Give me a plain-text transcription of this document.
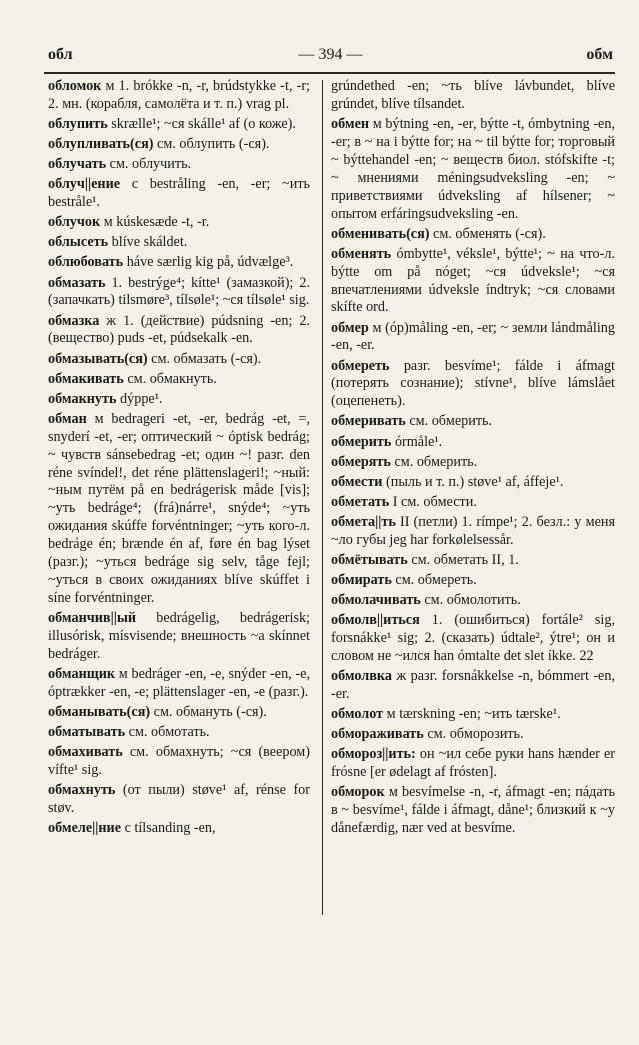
обл	— 394 —	обм

обломок м 1. brókke -n, -r, brúdstykke -t, -r; 2. мн. (корабля, самолёта и т. п.) vrag pl.

облупить skrælle¹; ~ся skálle¹ af (о коже).

облупливать(ся) см. облупить (-ся).

облучать см. облучить.

облуч||ение с bestråling -en, -er; ~ить bestråle¹.

облучок м kúskesæde -t, -r.

облысеть blíve skáldet.

облюбовать háve særlig kig på, údvælge³.

обмазать 1. bestrýge⁴; kítte¹ (замазкой); 2. (запачкать) tilsmøre³, tílsøle¹; ~ся tílsøle¹ sig.

обмазка ж 1. (действие) púdsning -en; 2. (вещество) puds -et, púdsekalk -en.

обмазывать(ся) см. обмазать (-ся).

обмакивать см. обмакнуть.

обмакнуть dýppe¹.

обман м bedrageri -et, -er, bedrág -et, =, snyderí -et, -er; оптический ~ óptisk bedrág; ~ чувств sánsebedrag -et; один ~! разг. den réne svíndel!, det réne plättenslageri!; ~ный: ~ным путём på en bedrágerisk måde [vis]; ~уть bedráge⁴; (frá)nárre¹, snýde⁴; ~уть ожидания skúffe forvéntninger; ~уть кого-л. bedráge én; brænde én af, føre én bag lýset (разг.); ~уться bedráge sig selv, tåge fejl; ~уться в своих ожиданиях blíve skúffet i síne forvéntninger.

обманчив||ый bedrágelig, bedrágerisk; illusórisk, mísvisende; внешность ~а skínnet bedráger.

обманщик м bedráger -en, -e, snýder -en, -e, óptrækker -en, -e; plättenslager -en, -e (разг.).

обманывать(ся) см. обмануть (-ся).

обматывать см. обмотать.

обмахивать см. обмахнуть; ~ся (веером) vífte¹ sig.

обмахнуть (от пыли) støve¹ af, rénse for støv.

обмеле||ние с tílsanding -en,

grúndethed -en; ~ть blíve lávbundet, blíve grúndet, blíve tílsandet.

обмен м býtning -en, -er, býtte -t, ómbytning -en, -er; в ~ на i býtte for; на ~ til býtte for; торговый ~ býttehandel -en; ~ веществ биол. stófskifte -t; ~ мнениями méningsudveksling -en; ~ приветствиями údveksling af hílsener; ~ опытом erfáringsudveksling -en.

обменивать(ся) см. обменять (-ся).

обменять ómbytte¹, véksle¹, býtte¹; ~ на что-л. býtte om på nóget; ~ся údveksle¹; ~ся впечатлениями údveksle índtryk; ~ся словами skífte ord.

обмер м (óp)måling -en, -er; ~ земли lándmåling -en, -er.

обмереть разг. besvíme¹; fálde i áfmagt (потерять сознание); stívne¹, blíve lámslået (оцепенеть).

обмеривать см. обмерить.

обмерить órmåle¹.

обмерять см. обмерить.

обмести (пыль и т. п.) støve¹ af, áffeje¹.

обметать I см. обмести.

обмета||ть II (петли) 1. rímpe¹; 2. безл.: у меня ~ло губы jeg har forkølelsessår.

обмётывать см. обметать II, 1.

обмирать см. обмереть.

обмолачивать см. обмолотить.

обмолв||иться 1. (ошибиться) fortále² sig, forsnákke¹ sig; 2. (сказать) údtale², ýtre¹; он и словом не ~ился han ómtalte det slet íkke. 22

обмолвка ж разг. forsnákkelse -n, bómmert -en, -er.

обмолот м tærskning -en; ~ить tærske¹.

обмораживать см. обморозить.

обмороз||ить: он ~ил себе руки hans hænder er frósne [er ødelagt af frósten].

обморок м besvímelse -n, -r, áfmagt -en; пáдать в ~ besvíme¹, fálde i áfmagt, dåne¹; близкий к ~у dånefærdig, nær ved at besvíme.
